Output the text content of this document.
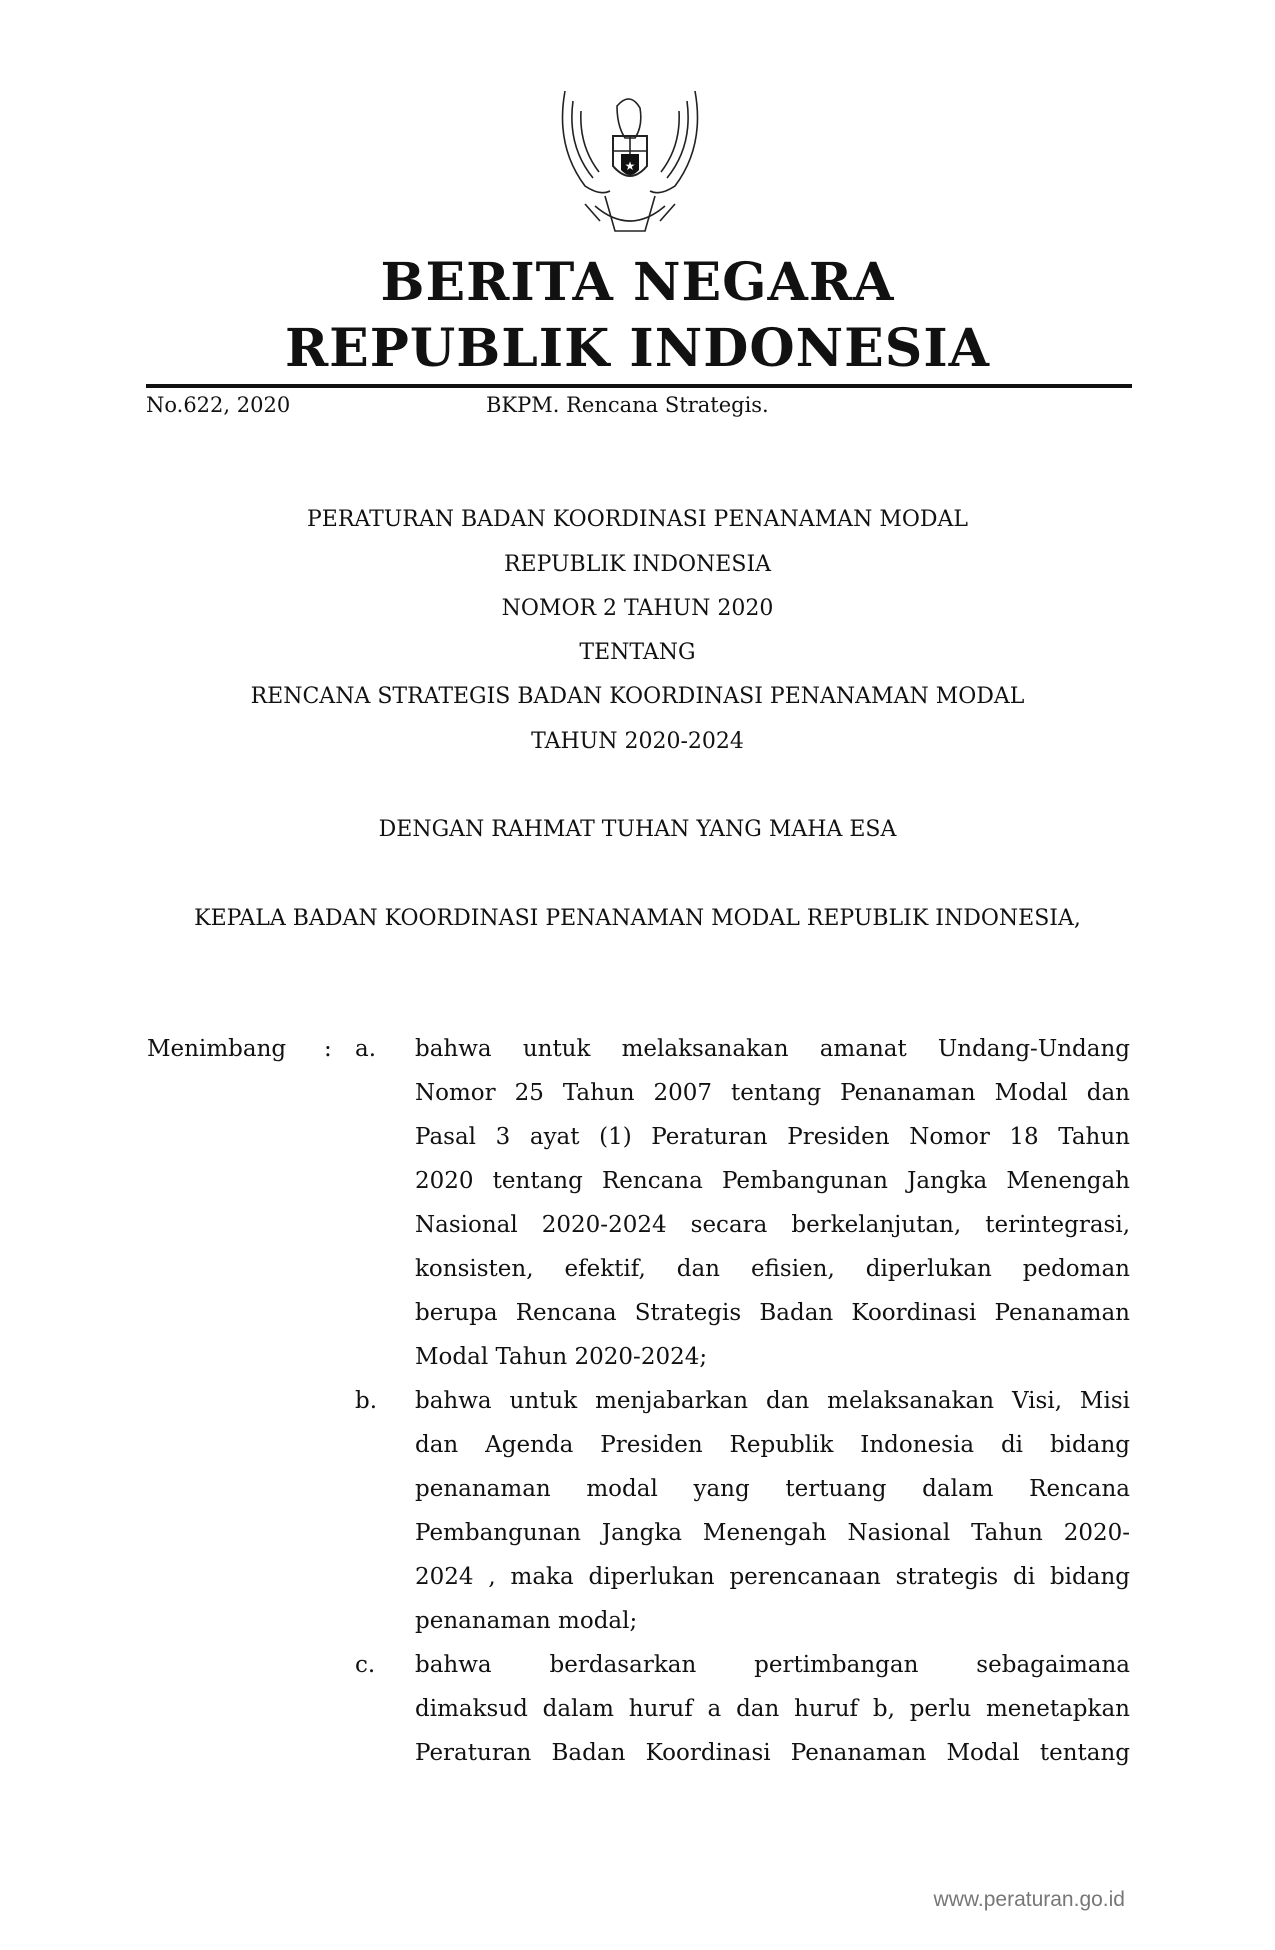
★
BERITA NEGARA
REPUBLIK INDONESIA
No.622, 2020	BKPM. Rencana Strategis.
PERATURAN BADAN KOORDINASI PENANAMAN MODAL
REPUBLIK INDONESIA
NOMOR 2 TAHUN 2020
TENTANG
RENCANA STRATEGIS BADAN KOORDINASI PENANAMAN MODAL
TAHUN 2020-2024
DENGAN RAHMAT TUHAN YANG MAHA ESA
KEPALA BADAN KOORDINASI PENANAMAN MODAL REPUBLIK INDONESIA,
Menimbang : a. bahwa untuk melaksanakan amanat Undang-Undang
Nomor 25 Tahun 2007 tentang Penanaman Modal dan
Pasal 3 ayat (1) Peraturan Presiden Nomor 18 Tahun
2020 tentang Rencana Pembangunan Jangka Menengah
Nasional 2020-2024 secara berkelanjutan, terintegrasi,
konsisten, efektif, dan efisien, diperlukan pedoman
berupa Rencana Strategis Badan Koordinasi Penanaman
Modal Tahun 2020-2024;
b. bahwa untuk menjabarkan dan melaksanakan Visi, Misi
dan Agenda Presiden Republik Indonesia di bidang
penanaman modal yang tertuang dalam Rencana
Pembangunan Jangka Menengah Nasional Tahun 2020-
2024 , maka diperlukan perencanaan strategis di bidang
penanaman modal;
c. bahwa berdasarkan pertimbangan sebagaimana
dimaksud dalam huruf a dan huruf b, perlu menetapkan
Peraturan Badan Koordinasi Penanaman Modal tentang
www.peraturan.go.id
